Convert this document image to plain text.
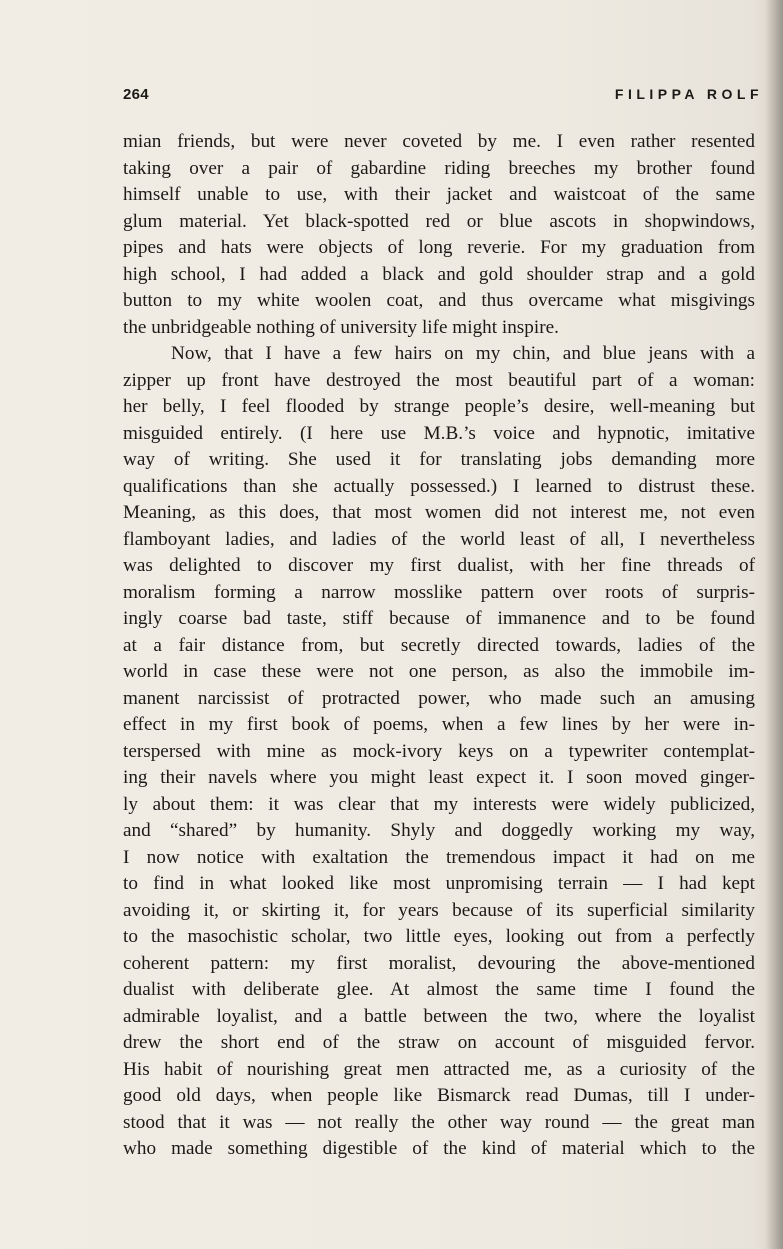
264	FILIPPA ROLF
mian friends, but were never coveted by me. I even rather resented
taking over a pair of gabardine riding breeches my brother found
himself unable to use, with their jacket and waistcoat of the same
glum material. Yet black-spotted red or blue ascots in shopwindows,
pipes and hats were objects of long reverie. For my graduation from
high school, I had added a black and gold shoulder strap and a gold
button to my white woolen coat, and thus overcame what misgivings
the unbridgeable nothing of university life might inspire.
Now, that I have a few hairs on my chin, and blue jeans with a
zipper up front have destroyed the most beautiful part of a woman:
her belly, I feel flooded by strange people’s desire, well-meaning but
misguided entirely. (I here use M.B.’s voice and hypnotic, imitative
way of writing. She used it for translating jobs demanding more
qualifications than she actually possessed.) I learned to distrust these.
Meaning, as this does, that most women did not interest me, not even
flamboyant ladies, and ladies of the world least of all, I nevertheless
was delighted to discover my first dualist, with her fine threads of
moralism forming a narrow mosslike pattern over roots of surpris-
ingly coarse bad taste, stiff because of immanence and to be found
at a fair distance from, but secretly directed towards, ladies of the
world in case these were not one person, as also the immobile im-
manent narcissist of protracted power, who made such an amusing
effect in my first book of poems, when a few lines by her were in-
terspersed with mine as mock-ivory keys on a typewriter contemplat-
ing their navels where you might least expect it. I soon moved ginger-
ly about them: it was clear that my interests were widely publicized,
and “shared” by humanity. Shyly and doggedly working my way,
I now notice with exaltation the tremendous impact it had on me
to find in what looked like most unpromising terrain — I had kept
avoiding it, or skirting it, for years because of its superficial similarity
to the masochistic scholar, two little eyes, looking out from a perfectly
coherent pattern: my first moralist, devouring the above-mentioned
dualist with deliberate glee. At almost the same time I found the
admirable loyalist, and a battle between the two, where the loyalist
drew the short end of the straw on account of misguided fervor.
His habit of nourishing great men attracted me, as a curiosity of the
good old days, when people like Bismarck read Dumas, till I under-
stood that it was — not really the other way round — the great man
who made something digestible of the kind of material which to the
